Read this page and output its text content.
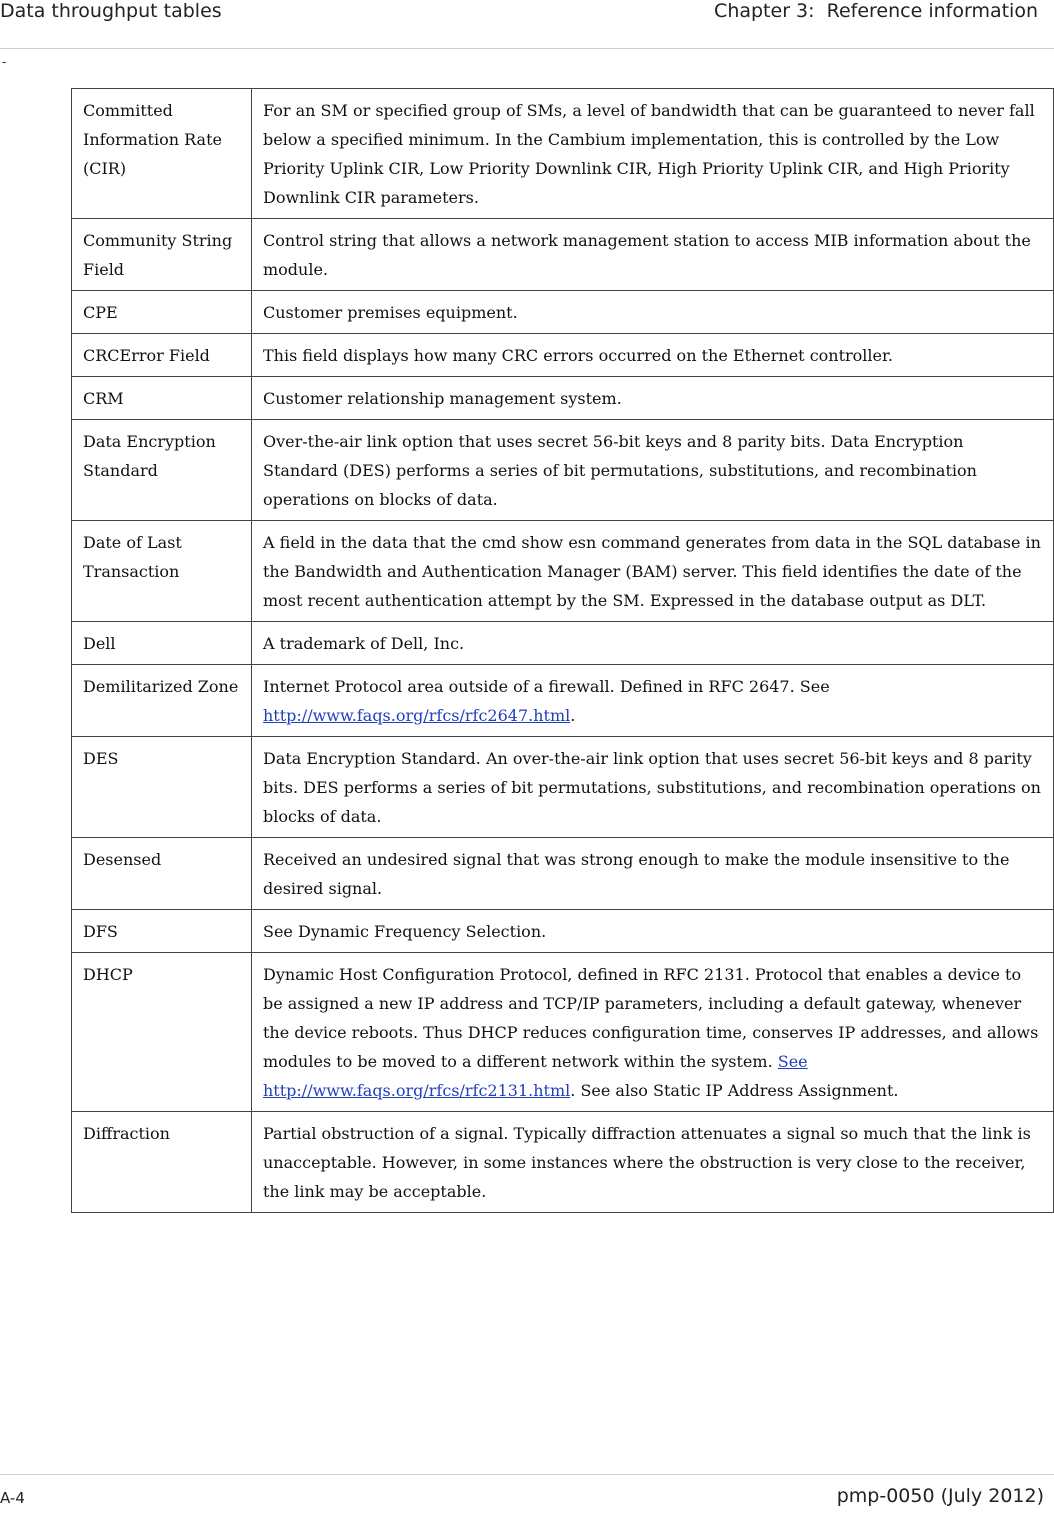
Data throughput tables	Chapter 3:  Reference information
-
Committed Information Rate (CIR)	For an SM or specified group of SMs, a level of bandwidth that can be guaranteed to never fall below a specified minimum. In the Cambium implementation, this is controlled by the Low Priority Uplink CIR, Low Priority Downlink CIR, High Priority Uplink CIR, and High Priority Downlink CIR parameters.
Community String Field	Control string that allows a network management station to access MIB information about the module.
CPE	Customer premises equipment.
CRCError Field	This field displays how many CRC errors occurred on the Ethernet controller.
CRM	Customer relationship management system.
Data Encryption Standard	Over-the-air link option that uses secret 56-bit keys and 8 parity bits. Data Encryption Standard (DES) performs a series of bit permutations, substitutions, and recombination operations on blocks of data.
Date of Last Transaction	A field in the data that the cmd show esn command generates from data in the SQL database in the Bandwidth and Authentication Manager (BAM) server. This field identifies the date of the most recent authentication attempt by the SM. Expressed in the database output as DLT.
Dell	A trademark of Dell, Inc.
Demilitarized Zone	Internet Protocol area outside of a firewall. Defined in RFC 2647. See http://www.faqs.org/rfcs/rfc2647.html.
DES	Data Encryption Standard. An over-the-air link option that uses secret 56-bit keys and 8 parity bits. DES performs a series of bit permutations, substitutions, and recombination operations on blocks of data.
Desensed	Received an undesired signal that was strong enough to make the module insensitive to the desired signal.
DFS	See Dynamic Frequency Selection.
DHCP	Dynamic Host Configuration Protocol, defined in RFC 2131. Protocol that enables a device to be assigned a new IP address and TCP/IP parameters, including a default gateway, whenever the device reboots. Thus DHCP reduces configuration time, conserves IP addresses, and allows modules to be moved to a different network within the system. See http://www.faqs.org/rfcs/rfc2131.html. See also Static IP Address Assignment.
Diffraction	Partial obstruction of a signal. Typically diffraction attenuates a signal so much that the link is unacceptable. However, in some instances where the obstruction is very close to the receiver, the link may be acceptable.
A-4	pmp-0050 (July 2012)
